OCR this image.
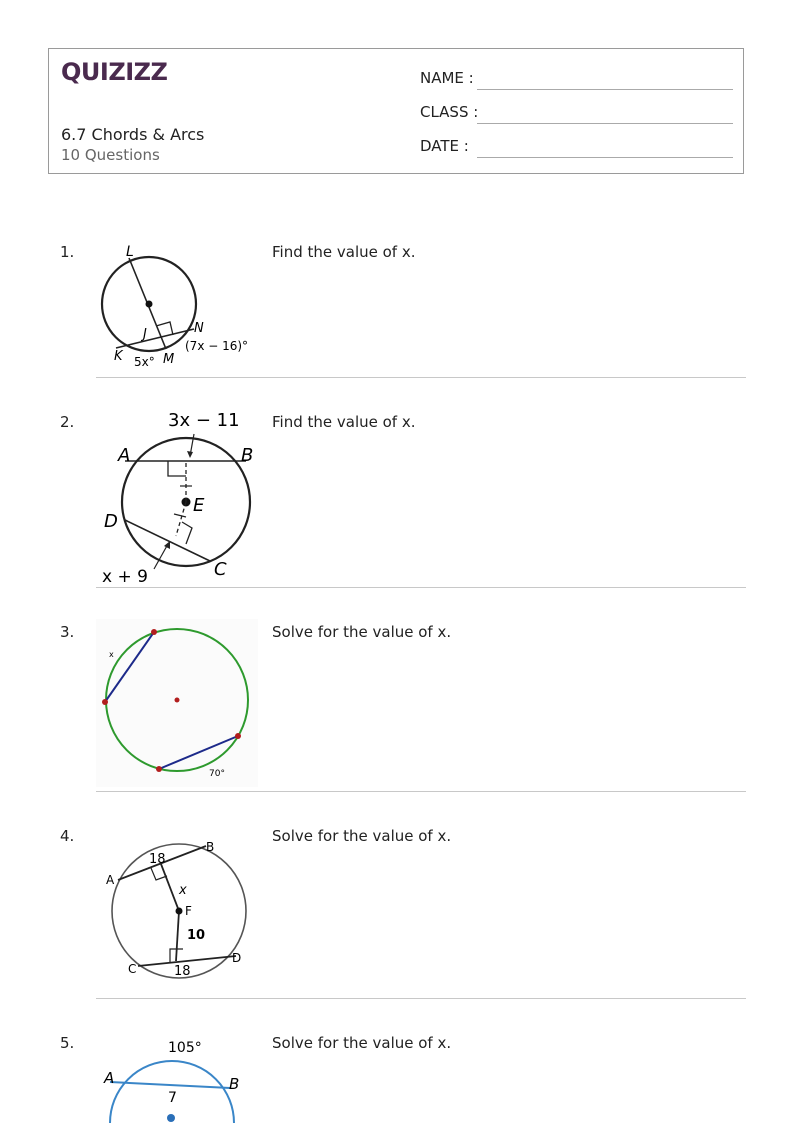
QUIZIZZ
6.7 Chords & Arcs
10 Questions
NAME :
CLASS :
DATE :
1.	Find the value of x.
L
J	N
K	M
5x°
(7x − 16)°
2.	Find the value of x.
3x − 11
A	B
E
D
C
x + 9
3.	Solve for the value of x.
x
70°
4.	Solve for the value of x.
18
B
A
x
F
10
C
D
18
5.	Solve for the value of x.
105°
A	B
7
